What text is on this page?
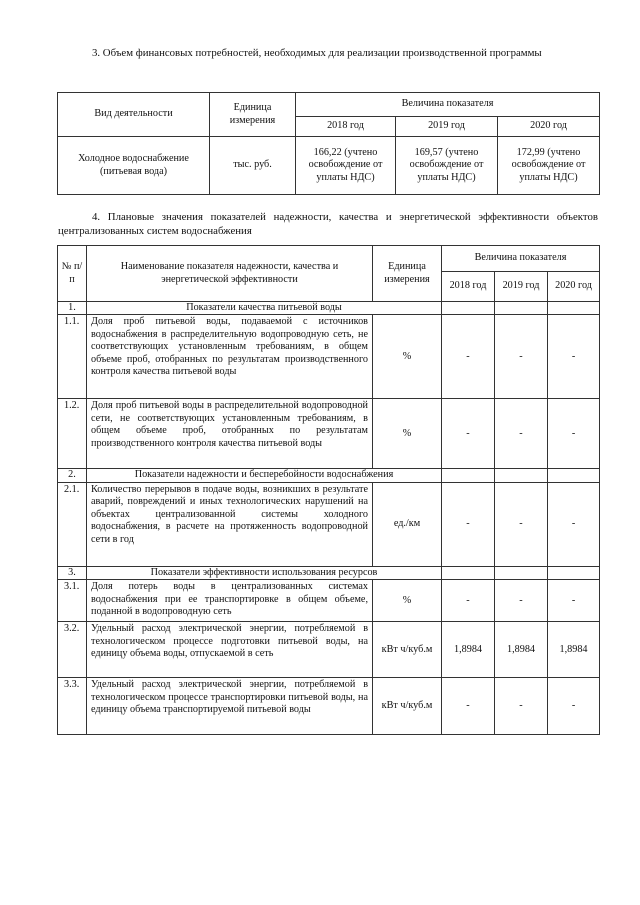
3. Объем финансовых потребностей, необходимых для реализации производственной программы
Вид деятельности	Единица измерения	Величина показателя		
		2018 год	2019 год	2020 год
Холодное водоснабжение (питьевая вода)	тыс. руб.	166,22 (учтено освобождение от уплаты НДС)	169,57 (учтено освобождение от уплаты НДС)	172,99 (учтено освобождение от уплаты НДС)
4. Плановые значения показателей надежности, качества и энергетической эффективности объектов централизованных систем водоснабжения
№ п/п	Наименование показателя надежности, качества и энергетической эффективности	Единица измерения	Величина показателя		
			2018 год	2019 год	2020 год
1.	Показатели качества питьевой воды				
1.1.	Доля проб питьевой воды, подаваемой с источников водоснабжения в распределительную водопроводную сеть, не соответствующих установленным требованиям, в общем объеме проб, отобранных по результатам производственного контроля качества питьевой воды	%	-	-	-
1.2.	Доля проб питьевой воды в распределительной водопроводной сети, не соответствующих установленным требованиям, в общем объеме проб, отобранных по результатам производственного контроля качества питьевой воды	%	-	-	-
2.	Показатели надежности и бесперебойности водоснабжения				
2.1.	Количество перерывов в подаче воды, возникших в результате аварий, повреждений и иных технологических нарушений на объектах централизованной системы холодного водоснабжения, в расчете на протяженность водопроводной сети в год	ед./км	-	-	-
3.	Показатели эффективности использования ресурсов				
3.1.	Доля потерь воды в централизованных системах водоснабжения при ее транспортировке в общем объеме, поданной в водопроводную сеть	%	-	-	-
3.2.	Удельный расход электрической энергии, потребляемой в технологическом процессе подготовки питьевой воды, на единицу объема воды, отпускаемой в сеть	кВт ч/куб.м	1,8984	1,8984	1,8984
3.3.	Удельный расход электрической энергии, потребляемой в технологическом процессе транспортировки питьевой воды, на единицу объема транспортируемой питьевой воды	кВт ч/куб.м	-	-	-
